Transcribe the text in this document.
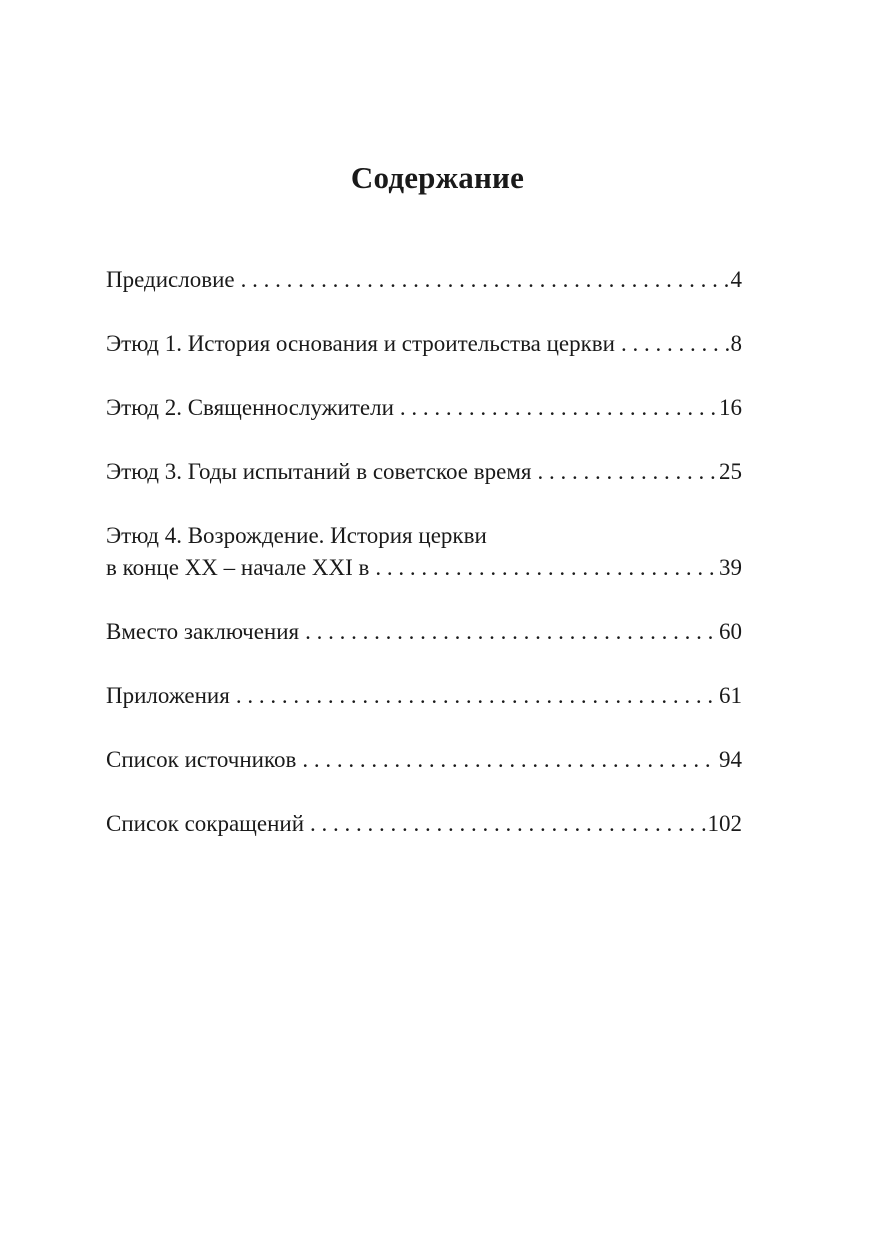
Содержание
Предисловие . . .	4
Этюд 1. История основания и строительства церкви . . .	8
Этюд 2. Священнослужители . . .	16
Этюд 3. Годы испытаний в советское время . . .	25
Этюд 4. Возрождение. История церкви
в конце XX – начале XXI в . . .	39
Вместо заключения . . .	60
Приложения . . .	61
Список источников . . .	94
Список сокращений . . .	102
